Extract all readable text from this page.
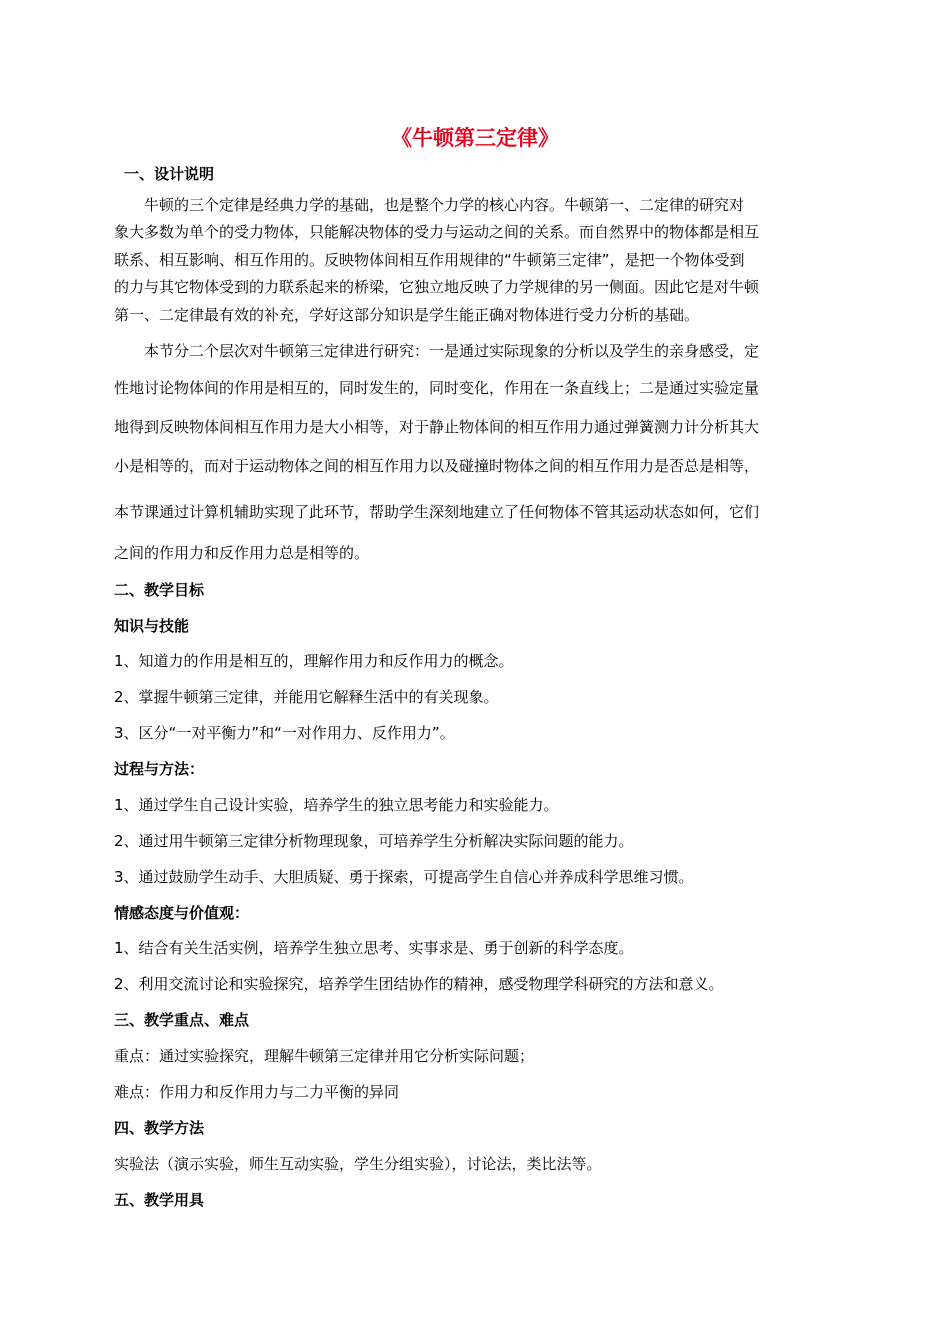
《牛顿第三定律》
一、设计说明
牛顿的三个定律是经典力学的基础，也是整个力学的核心内容。牛顿第一、二定律的研究对
象大多数为单个的受力物体，只能解决物体的受力与运动之间的关系。而自然界中的物体都是相互
联系、相互影响、相互作用的。反映物体间相互作用规律的“牛顿第三定律”，是把一个物体受到
的力与其它物体受到的力联系起来的桥梁，它独立地反映了力学规律的另一侧面。因此它是对牛顿
第一、二定律最有效的补充，学好这部分知识是学生能正确对物体进行受力分析的基础。
本节分二个层次对牛顿第三定律进行研究：一是通过实际现象的分析以及学生的亲身感受，定
性地讨论物体间的作用是相互的，同时发生的，同时变化，作用在一条直线上；二是通过实验定量
地得到反映物体间相互作用力是大小相等，对于静止物体间的相互作用力通过弹簧测力计分析其大
小是相等的，而对于运动物体之间的相互作用力以及碰撞时物体之间的相互作用力是否总是相等，
本节课通过计算机辅助实现了此环节，帮助学生深刻地建立了任何物体不管其运动状态如何，它们
之间的作用力和反作用力总是相等的。
二、教学目标
知识与技能
1、知道力的作用是相互的，理解作用力和反作用力的概念。
2、掌握牛顿第三定律，并能用它解释生活中的有关现象。
3、区分“一对平衡力”和“一对作用力、反作用力”。
过程与方法：
1、通过学生自己设计实验，培养学生的独立思考能力和实验能力。
2、通过用牛顿第三定律分析物理现象，可培养学生分析解决实际问题的能力。
3、通过鼓励学生动手、大胆质疑、勇于探索，可提高学生自信心并养成科学思维习惯。
情感态度与价值观：
1、结合有关生活实例，培养学生独立思考、实事求是、勇于创新的科学态度。
2、利用交流讨论和实验探究，培养学生团结协作的精神，感受物理学科研究的方法和意义。
三、教学重点、难点
重点：通过实验探究，理解牛顿第三定律并用它分析实际问题；
难点：作用力和反作用力与二力平衡的异同
四、教学方法
实验法（演示实验，师生互动实验，学生分组实验），讨论法，类比法等。
五、教学用具
